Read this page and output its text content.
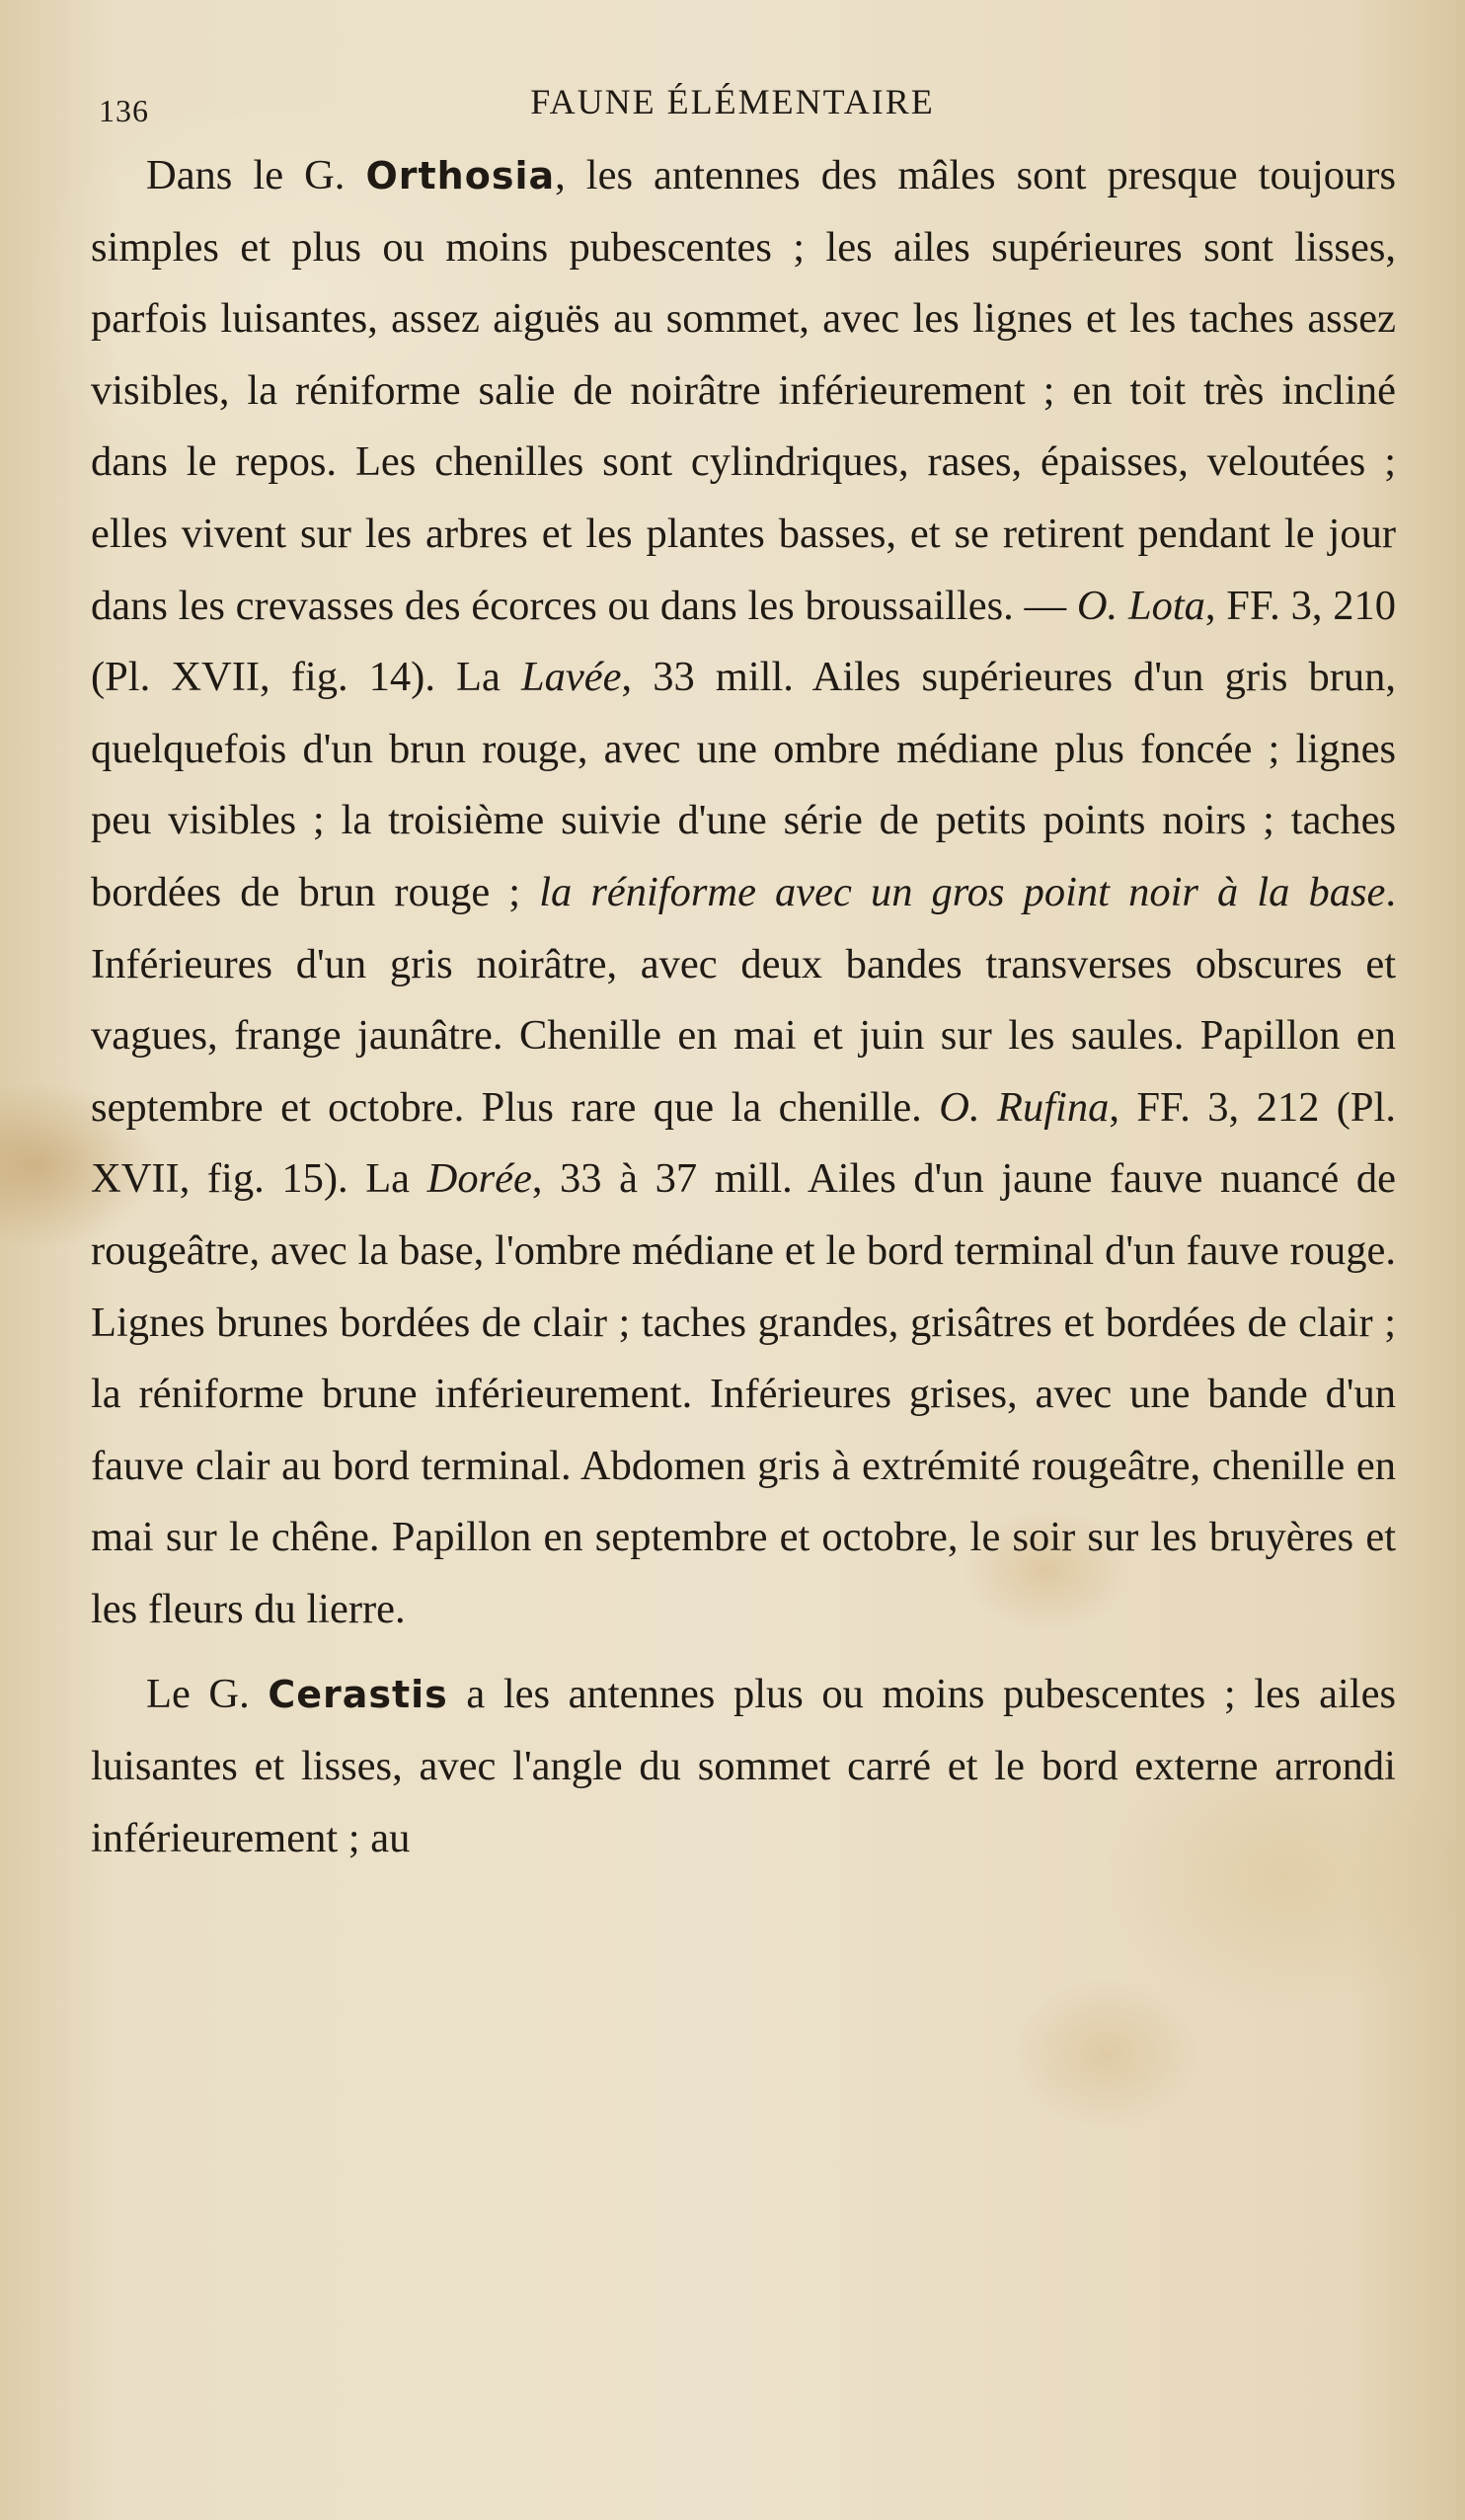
136	FAUNE ÉLÉMENTAIRE

Dans le G. Orthosia, les antennes des mâles sont presque toujours simples et plus ou moins pubescentes ; les ailes supérieures sont lisses, parfois luisantes, assez aiguës au sommet, avec les lignes et les taches assez visibles, la réniforme salie de noirâtre inférieurement ; en toit très incliné dans le repos. Les chenilles sont cylindriques, rases, épaisses, veloutées ; elles vivent sur les arbres et les plantes basses, et se retirent pendant le jour dans les crevasses des écorces ou dans les broussailles. — O. Lota, FF. 3, 210 (Pl. XVII, fig. 14). La Lavée, 33 mill. Ailes supérieures d'un gris brun, quelquefois d'un brun rouge, avec une ombre médiane plus foncée ; lignes peu visibles ; la troisième suivie d'une série de petits points noirs ; taches bordées de brun rouge ; la réniforme avec un gros point noir à la base. Inférieures d'un gris noirâtre, avec deux bandes transverses obscures et vagues, frange jaunâtre. Chenille en mai et juin sur les saules. Papillon en septembre et octobre. Plus rare que la chenille. O. Rufina, FF. 3, 212 (Pl. XVII, fig. 15). La Dorée, 33 à 37 mill. Ailes d'un jaune fauve nuancé de rougeâtre, avec la base, l'ombre médiane et le bord terminal d'un fauve rouge. Lignes brunes bordées de clair ; taches grandes, grisâtres et bordées de clair ; la réniforme brune inférieurement. Inférieures grises, avec une bande d'un fauve clair au bord terminal. Abdomen gris à extrémité rougeâtre, chenille en mai sur le chêne. Papillon en septembre et octobre, le soir sur les bruyères et les fleurs du lierre.

Le G. Cerastis a les antennes plus ou moins pubescentes ; les ailes luisantes et lisses, avec l'angle du sommet carré et le bord externe arrondi inférieurement ; au
